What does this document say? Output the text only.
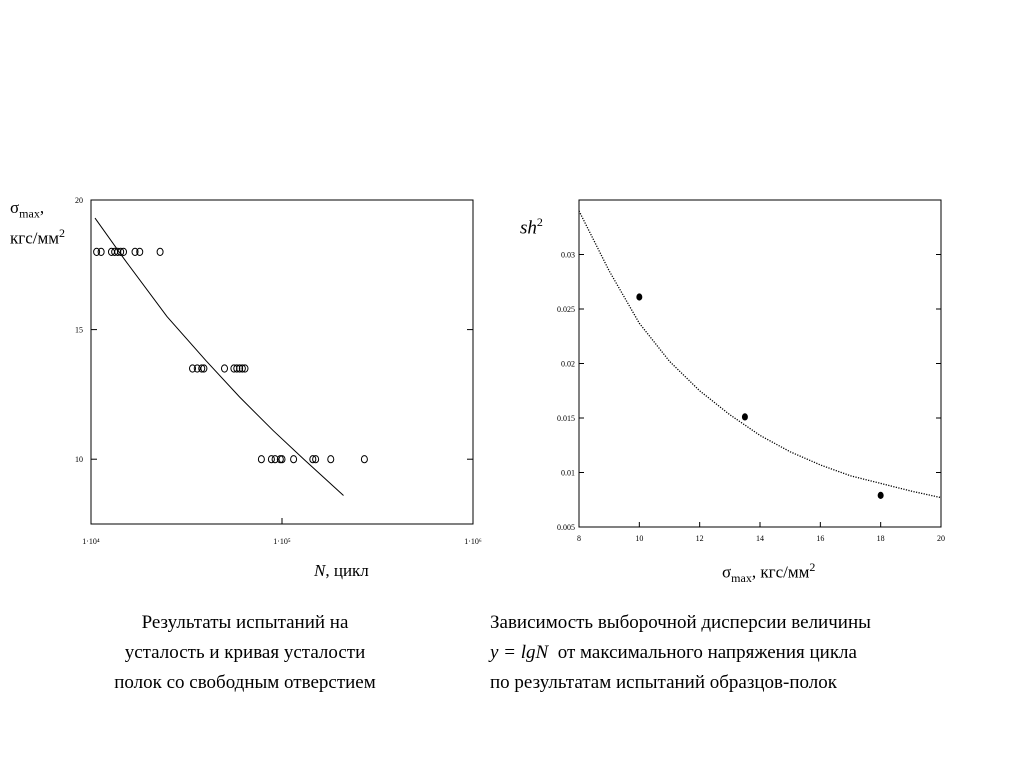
$\sigma_{max}$,
кгс/$мм^2$
1·10⁴	1·10⁵	1·10⁶
10
15
20
N, цикл
$sh^2$
8	10	12	14	16	18	20
0.005
0.01
0.015
0.02
0.025
0.03
$\sigma_{max}$, кгс/$мм^2$
Результаты испытаний на
усталость и кривая усталости
полок со свободным отверстием
Зависимость выборочной дисперсии величины
y = lgN  от максимального напряжения цикла
по результатам испытаний образцов-полок
